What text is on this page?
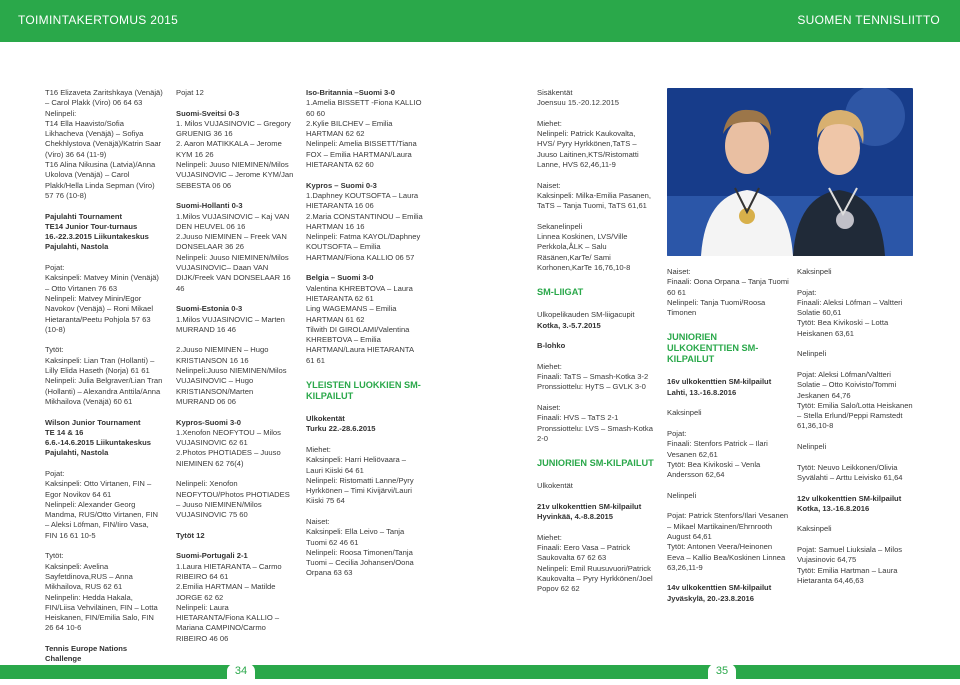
TOIMINTAKERTOMUS 2015	SUOMEN TENNISLIITTO

T16 Elizaveta Zaritshkaya (Venäjä) – Carol Plakk (Viro) 06 64 63
Nelinpeli:
T14 Ella Haavisto/Sofia Likhacheva (Venäjä) – Sofiya Chekhlystova (Venäjä)/Katrin Saar (Viro) 36 64 (11-9)
T16 Alina Nikusina (Latvia)/Anna Ukolova (Venäjä) – Carol Plakk/Hella Linda Sepman (Viro) 57 76 (10-8)

Pajulahti Tournament
TE14 Junior Tour-turnaus
16.-22.3.2015 Liikuntakeskus Pajulahti, Nastola

Pojat:
Kaksinpeli: Matvey Minin (Venäjä) – Otto Virtanen 76 63
Nelinpeli: Matvey Minin/Egor Navokov (Venäjä) – Roni Mikael Hietaranta/Peetu Pohjola 57 63 (10-8)

Tytöt:
Kaksinpeli: Lian Tran (Hollanti) – Lilly Elida Haseth (Norja) 61 61
Nelinpeli: Julia Belgraver/Lian Tran (Hollanti) – Alexandra Anttila/Anna Mikhailova (Venäjä) 60 61

Wilson Junior Tournament
TE 14 & 16
6.6.-14.6.2015 Liikuntakeskus Pajulahti, Nastola

Pojat:
Kaksinpeli: Otto Virtanen, FIN – Egor Novikov 64 61
Nelinpeli: Alexander Georg Mandma, RUS/Otto Virtanen, FIN – Aleksi Löfman, FIN/Iiro Vasa, FIN 16 61 10-5

Tytöt:
Kaksinpeli: Avelina Sayfetdinova,RUS – Anna Mikhailova, RUS 62 61
Nelinpelin: Hedda Hakala, FIN/Liisa Vehviläinen, FIN – Lotta Heiskanen, FIN/Emilia Salo, FIN 26 64 10-6

Tennis Europe Nations Challenge

Pojat 12

Suomi-Sveitsi 0-3
1. Milos VUJASINOVIC – Gregory GRUENIG 36 16
2. Aaron MATIKKALA – Jerome KYM 16 26
Nelinpeli: Juuso NIEMINEN/Milos VUJASINOVIC – Jerome KYM/Jan SEBESTA 06 06

Suomi-Hollanti 0-3
1.Milos VUJASINOVIC – Kaj VAN DEN HEUVEL 06 16
2.Juuso NIEMINEN – Freek VAN DONSELAAR 36 26
Nelinpeli: Juuso NIEMINEN/Milos VUJASINOVIC– Daan VAN DIJK/Freek VAN DONSELAAR 16 46

Suomi-Estonia 0-3
1.Milos VUJASINOVIC – Marten MURRAND 16 46

2.Juuso NIEMINEN – Hugo KRISTIANSON 16 16
Nelinpeli:Juuso NIEMINEN/Milos VUJASINOVIC – Hugo KRISTIANSON/Marten MURRAND 06 06

Kypros-Suomi 3-0
1.Xenofon NEOFYTOU – Milos VUJASINOVIC 62 61
2.Photos PHOTIADES – Juuso NIEMINEN 62 76(4)

Nelinpeli: Xenofon NEOFYTOU/Photos PHOTIADES – Juuso NIEMINEN/Milos VUJASINOVIC 75 60

Tytöt 12

Suomi-Portugali 2-1
1.Laura HIETARANTA – Carmo RIBEIRO 64 61
2.Emilia HARTMAN – Matilde JORGE 62 62
Nelinpeli: Laura HIETARANTA/Fiona KALLIO – Mariana CAMPINO/Carmo RIBEIRO 46 06

Iso-Britannia –Suomi 3-0
1.Amelia BISSETT -Fiona KALLIO 60 60
2.Kylie BILCHEV – Emilia HARTMAN 62 62
Nelinpeli: Amelia BISSETT/Tiana FOX – Emilia HARTMAN/Laura HIETARANTA 62 60

Kypros – Suomi 0-3
1.Daphney KOUTSOFTA – Laura HIETARANTA 16 06
2.Maria CONSTANTINOU – Emilia HARTMAN 16 16
Nelinpeli: Fatma KAYOL/Daphney KOUTSOFTA – Emilia HARTMAN/Fiona KALLIO 06 57

Belgia – Suomi 3-0
Valentina KHREBTOVA – Laura HIETARANTA 62 61
Ling WAGEMANS – Emilia HARTMAN 61 62
Tilwith DI GIROLAMI/Valentina KHREBTOVA – Emilia HARTMAN/Laura HIETARANTA 61 61

YLEISTEN LUOKKIEN SM-KILPAILUT

Ulkokentät
Turku 22.-28.6.2015

Miehet:
Kaksinpeli: Harri Heliövaara – Lauri Kiiski 64 61
Nelinpeli: Ristomatti Lanne/Pyry Hyrkkönen – Timi Kivijärvi/Lauri Kiiski 75 64

Naiset:
Kaksinpeli: Ella Leivo – Tanja Tuomi 62 46 61
Nelinpeli: Roosa Timonen/Tanja Tuomi – Cecilia Johansen/Oona Orpana 63 63

Sisäkentät
Joensuu 15.-20.12.2015

Miehet:
Nelinpeli: Patrick Kaukovalta, HVS/ Pyry Hyrkkönen,TaTS – Juuso Laitinen,KTS/Ristomatti Lanne, HVS 62,46,11-9

Naiset:
Kaksinpeli: Milka-Emilia Pasanen, TaTS – Tanja Tuomi, TaTS 61,61

Sekanelinpeli
Linnea Koskinen, LVS/Ville Perkkola,ÅLK – Salu Räsänen,KarTe/ Sami Korhonen,KarTe 16,76,10-8

SM-LIIGAT

Ulkopelikauden SM-liigacupit
Kotka, 3.-5.7.2015

B-lohko

Miehet:
Finaali: TaTS – Smash-Kotka 3-2
Pronssiottelu: HyTS – GVLK 3-0

Naiset:
Finaali: HVS – TaTS 2-1
Pronssiottelu: LVS – Smash-Kotka 2-0

JUNIORIEN SM-KILPAILUT

Ulkokentät

21v ulkokenttien SM-kilpailut
Hyvinkää, 4.-8.8.2015

Miehet:
Finaali: Eero Vasa – Patrick Saukovalta 67 62 63
Nelinpeli: Emil Ruusuvuori/Patrick Kaukovalta – Pyry Hyrkkönen/Joel Popov 62 62

Naiset:
Finaali: Oona Orpana – Tanja Tuomi 60 61
Nelinpeli: Tanja Tuomi/Roosa Timonen

JUNIORIEN ULKOKENTTIEN SM-KILPAILUT

16v ulkokenttien SM-kilpailut
Lahti, 13.-16.8.2016

Kaksinpeli

Pojat:
Finaali: Stenfors Patrick – Ilari Vesanen 62,61
Tytöt: Bea Kivikoski – Venla Andersson 62,64

Nelinpeli

Pojat: Patrick Stenfors/Ilari Vesanen – Mikael Martikainen/Ehrnrooth August 64,61
Tytöt: Antonen Veera/Heinonen Eeva – Kallio Bea/Koskinen Linnea 63,26,11-9

14v ulkokenttien SM-kilpailut
Jyväskylä, 20.-23.8.2016

Kaksinpeli

Pojat:
Finaali: Aleksi Löfman – Valtteri Solatie 60,61
Tytöt: Bea Kivikoski – Lotta Heiskanen 63,61

Nelinpeli

Pojat: Aleksi Löfman/Valtteri Solatie – Otto Koivisto/Tommi Jeskanen 64,76
Tytöt: Emilia Salo/Lotta Heiskanen – Stella Erlund/Peppi Ramstedt 61,36,10-8

Nelinpeli

Tytöt: Neuvo Leikkonen/Olivia Syvälahti – Arttu Leivisko 61,64

12v ulkokenttien SM-kilpailut
Kotka, 13.-16.8.2016

Kaksinpeli

Pojat: Samuel Liuksiala – Milos Vujasinovic 64,75
Tytöt: Emilia Hartman – Laura Hietaranta 64,46,63

34	35
